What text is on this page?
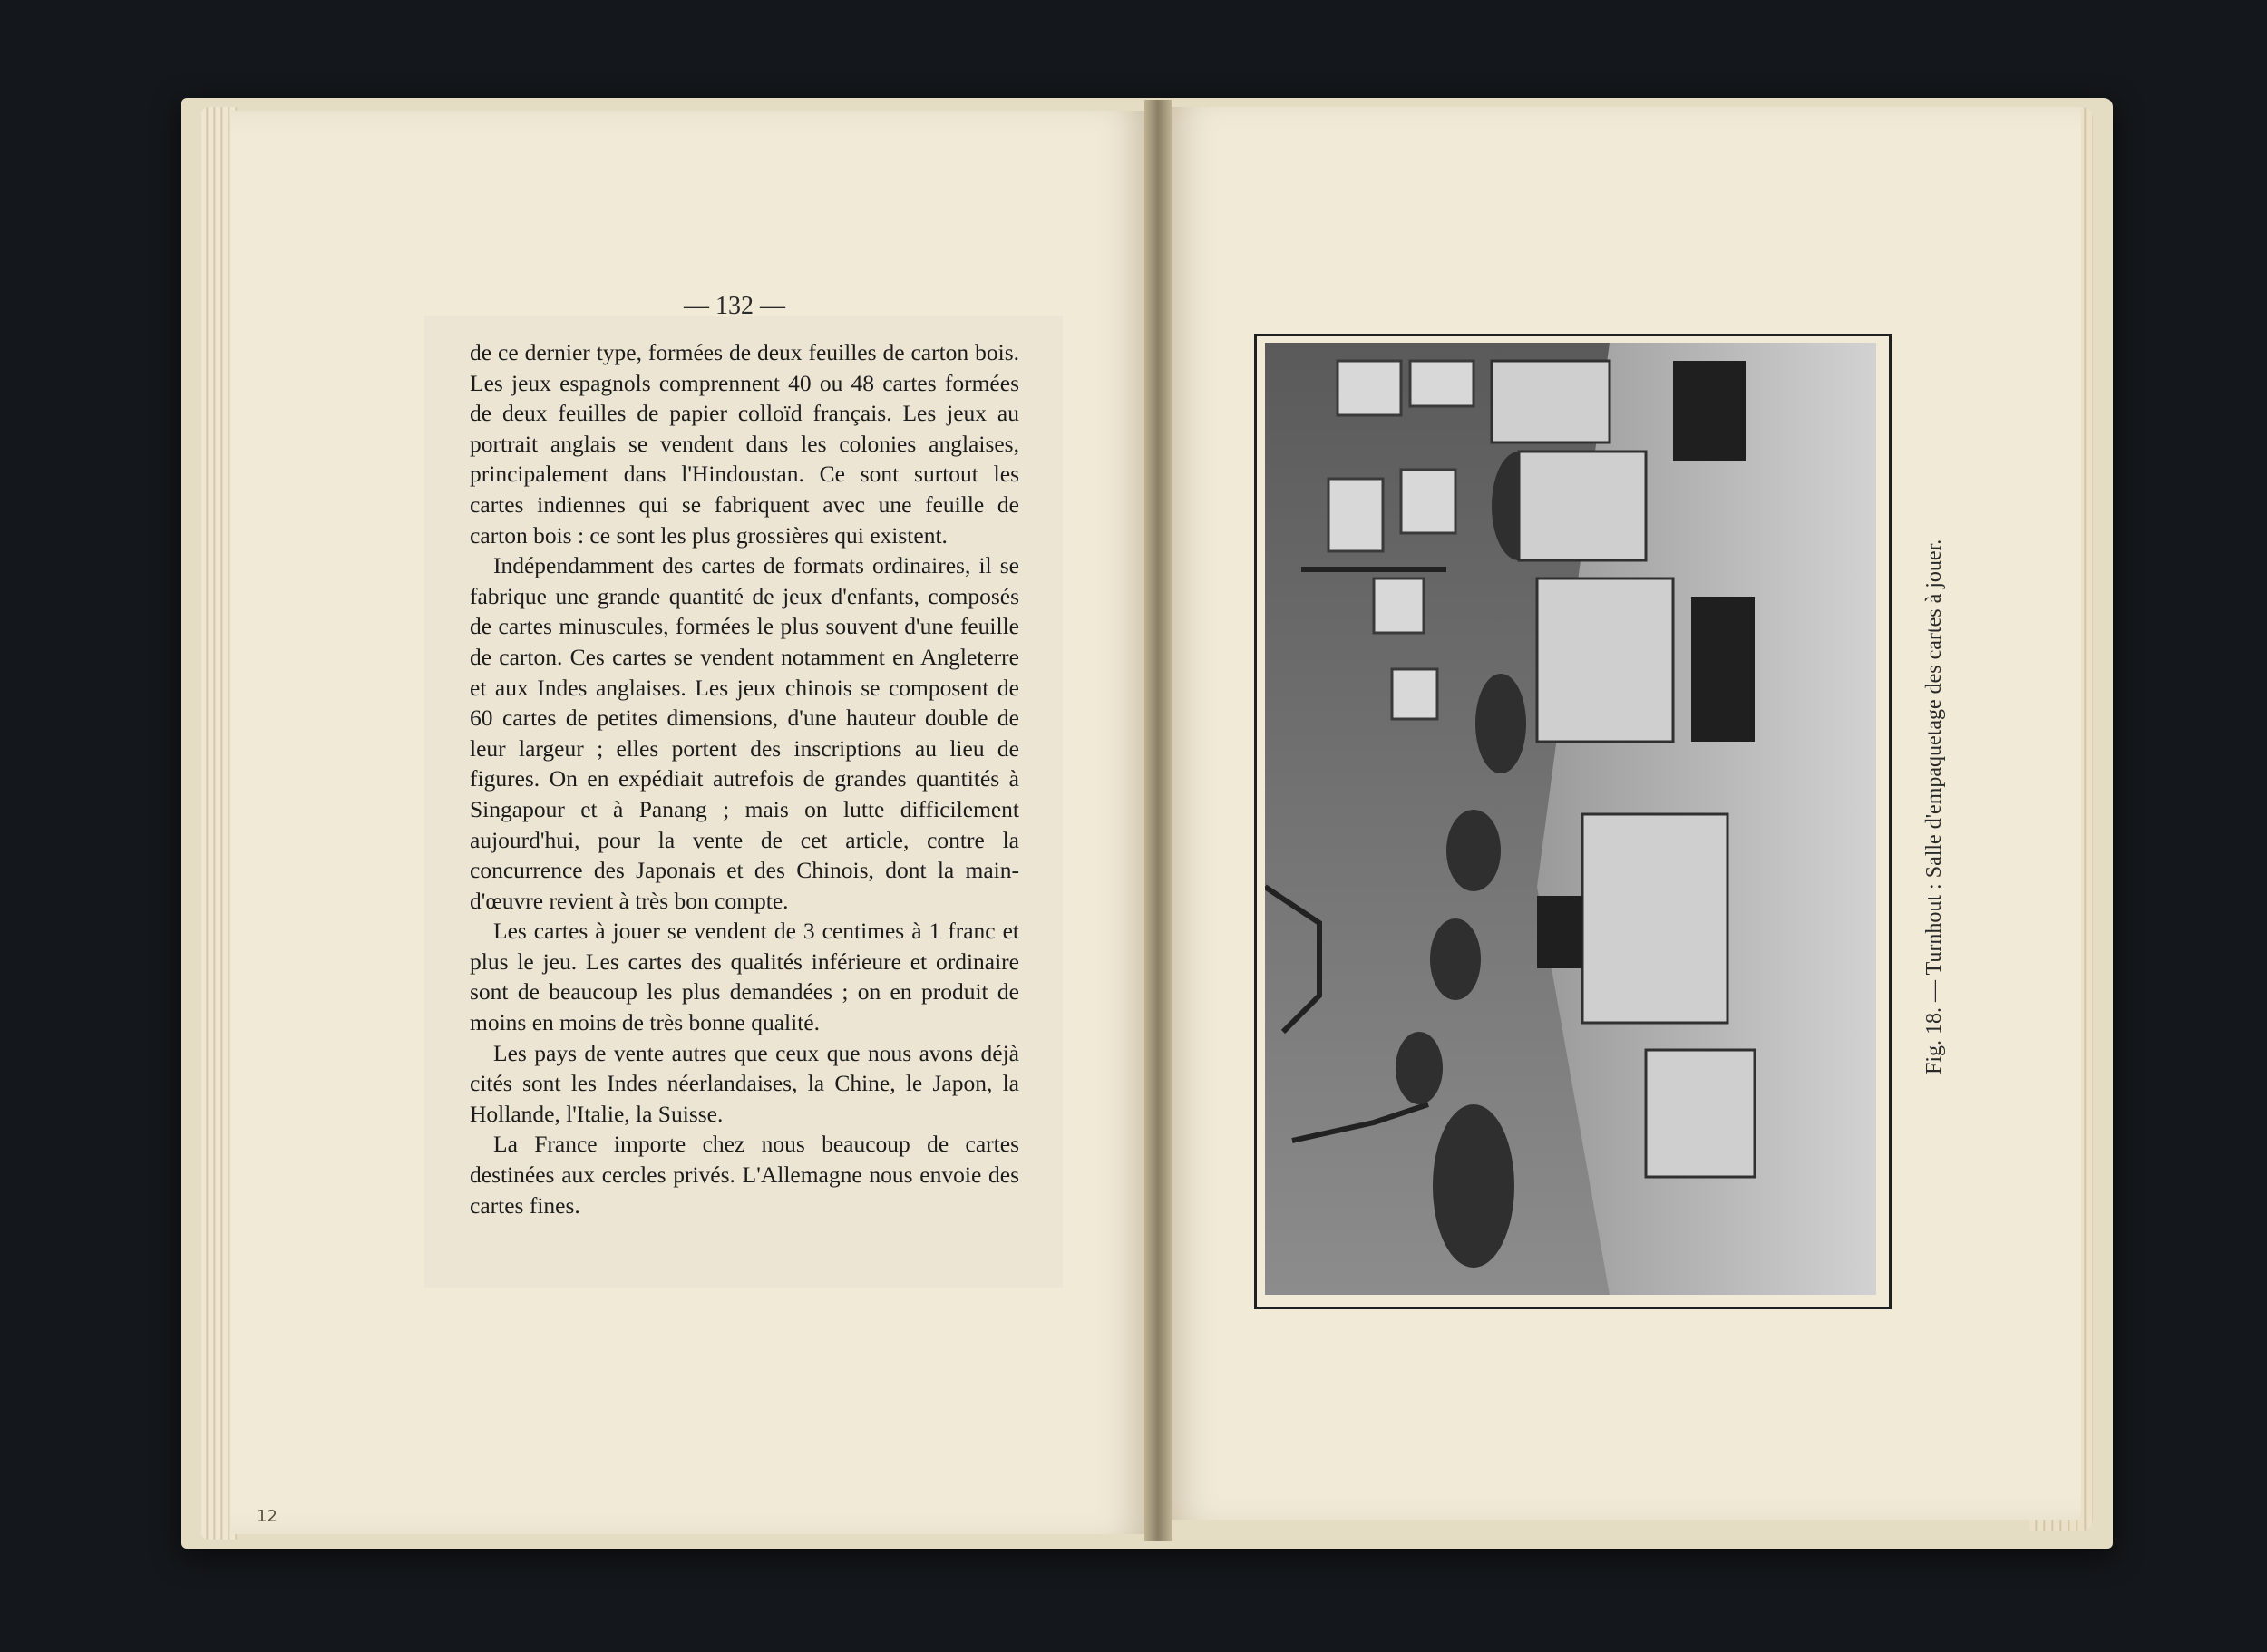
— 132 —

de ce dernier type, formées de deux feuilles de carton bois. Les jeux espagnols comprennent 40 ou 48 cartes formées de deux feuilles de papier colloïd français. Les jeux au portrait anglais se vendent dans les colonies anglaises, principalement dans l'Hindoustan. Ce sont surtout les cartes indiennes qui se fabriquent avec une feuille de carton bois : ce sont les plus grossières qui existent.

Indépendamment des cartes de formats ordinaires, il se fabrique une grande quantité de jeux d'enfants, composés de cartes minuscules, formées le plus souvent d'une feuille de carton. Ces cartes se vendent notamment en Angleterre et aux Indes anglaises. Les jeux chinois se composent de 60 cartes de petites dimensions, d'une hauteur double de leur largeur ; elles portent des inscriptions au lieu de figures. On en expédiait autrefois de grandes quantités à Singapour et à Panang ; mais on lutte difficilement aujourd'hui, pour la vente de cet article, contre la concurrence des Japonais et des Chinois, dont la main-d'œuvre revient à très bon compte.

Les cartes à jouer se vendent de 3 centimes à 1 franc et plus le jeu. Les cartes des qualités inférieure et ordinaire sont de beaucoup les plus demandées ; on en produit de moins en moins de très bonne qualité.

Les pays de vente autres que ceux que nous avons déjà cités sont les Indes néerlandaises, la Chine, le Japon, la Hollande, l'Italie, la Suisse.

La France importe chez nous beaucoup de cartes destinées aux cercles privés. L'Allemagne nous envoie des cartes fines.

12
Fig. 18. — Turnhout : Salle d'empaquetage des cartes à jouer.
